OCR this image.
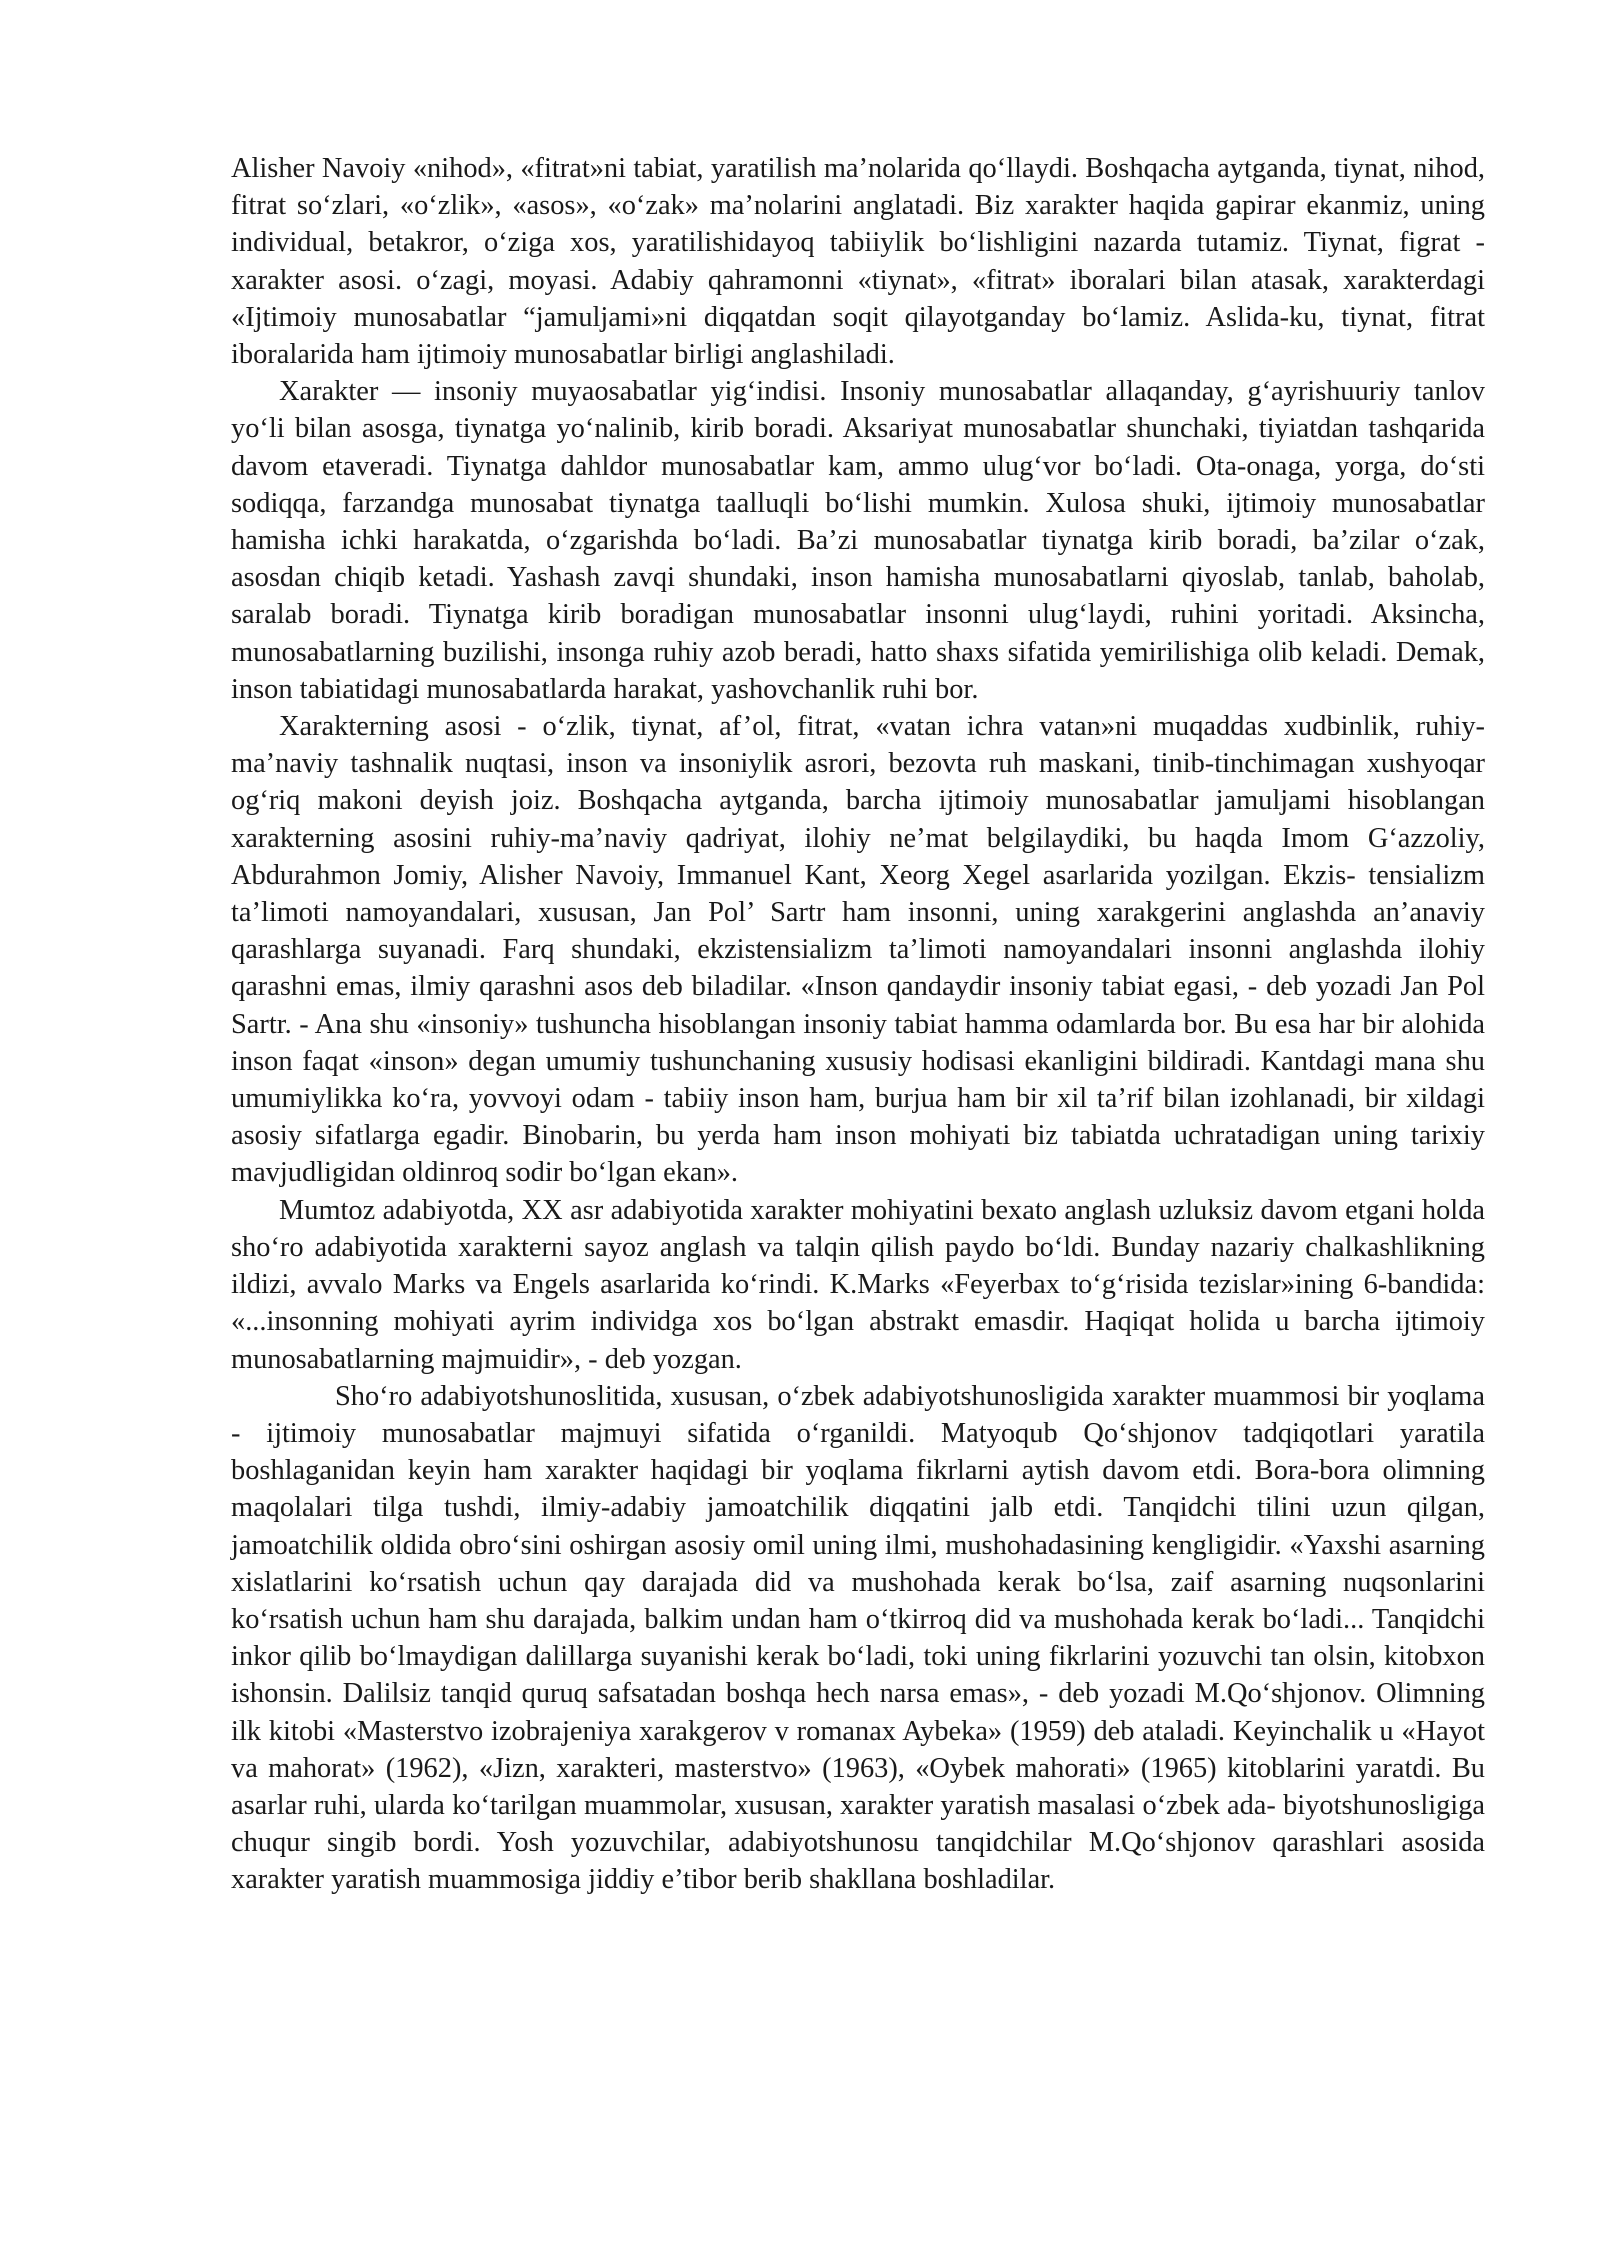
Alisher Navoiy «nihod», «fitrat»ni tabiat, yaratilish ma’nolarida qo‘llaydi. Boshqacha aytganda, tiynat, nihod, fitrat so‘zlari, «o‘zlik», «asos», «o‘zak» ma’nolarini anglatadi. Biz xarakter haqida gapirar ekanmiz, uning individual, betakror, o‘ziga xos, yaratilishidayoq tabiiylik bo‘lishligini nazarda tutamiz. Tiynat, figrat - xarakter asosi. o‘zagi, moyasi. Adabiy qahramonni «tiynat», «fitrat» iboralari bilan atasak, xarakterdagi «Ijtimoiy munosabatlar “jamuljami»ni diqqatdan soqit qilayotganday bo‘lamiz. Aslida-ku, tiynat, fitrat iboralarida ham ijtimoiy munosabatlar birligi anglashiladi.

Xarakter — insoniy muyaosabatlar yig‘indisi. Insoniy munosabatlar allaqanday, g‘ayrishuuriy tanlov yo‘li bilan asosga, tiynatga yo‘nalinib, kirib boradi. Aksariyat munosabatlar shunchaki, tiyiatdan tashqarida davom etaveradi. Tiynatga dahldor munosabatlar kam, ammo ulug‘vor bo‘ladi. Ota-onaga, yorga, do‘sti sodiqqa, farzandga munosabat tiynatga taalluqli bo‘lishi mumkin. Xulosa shuki, ijtimoiy munosabatlar hamisha ichki harakatda, o‘zgarishda bo‘ladi. Ba’zi munosabatlar tiynatga kirib boradi, ba’zilar o‘zak, asosdan chiqib ketadi. Yashash zavqi shundaki, inson hamisha munosabatlarni qiyoslab, tanlab, baholab, saralab boradi. Tiynatga kirib boradigan munosabatlar insonni ulug‘laydi, ruhini yoritadi. Aksincha, munosabatlarning buzilishi, insonga ruhiy azob beradi, hatto shaxs sifatida yemirilishiga olib keladi. Demak, inson tabiatidagi munosabatlarda harakat, yashovchanlik ruhi bor.

Xarakterning asosi - o‘zlik, tiynat, af’ol, fitrat, «vatan ichra vatan»ni muqaddas xudbinlik, ruhiy-ma’naviy tashnalik nuqtasi, inson va insoniylik asrori, bezovta ruh maskani, tinib-tinchimagan xushyoqar og‘riq makoni deyish joiz. Boshqacha aytganda, barcha ijtimoiy munosabatlar jamuljami hisoblangan xarakterning asosini ruhiy-ma’naviy qadriyat, ilohiy ne’mat belgilaydiki, bu haqda Imom G‘azzoliy, Abdurahmon Jomiy, Alisher Navoiy, Immanuel Kant, Xeorg Xegel asarlarida yozilgan. Ekzis- tensializm ta’limoti namoyandalari, xususan, Jan Pol’ Sartr ham insonni, uning xarakgerini anglashda an’anaviy qarashlarga suyanadi. Farq shundaki, ekzistensializm ta’limoti namoyandalari insonni anglashda ilohiy qarashni emas, ilmiy qarashni asos deb biladilar. «Inson qandaydir insoniy tabiat egasi, - deb yozadi Jan Pol Sartr. - Ana shu «insoniy» tushuncha hisoblangan insoniy tabiat hamma odamlarda bor. Bu esa har bir alohida inson faqat «inson» degan umumiy tushunchaning xususiy hodisasi ekanligini bildiradi. Kantdagi mana shu umumiylikka ko‘ra, yovvoyi odam - tabiiy inson ham, burjua ham bir xil ta’rif bilan izohlanadi, bir xildagi asosiy sifatlarga egadir. Binobarin, bu yerda ham inson mohiyati biz tabiatda uchratadigan uning tarixiy mavjudligidan oldinroq sodir bo‘lgan ekan».

Mumtoz adabiyotda, XX asr adabiyotida xarakter mohiyatini bexato anglash uzluksiz davom etgani holda sho‘ro adabiyotida xarakterni sayoz anglash va talqin qilish paydo bo‘ldi. Bunday nazariy chalkashlikning ildizi, avvalo Marks va Engels asarlarida ko‘rindi. K.Marks «Feyerbax to‘g‘risida tezislar»ining 6-bandida: «...insonning mohiyati ayrim individga xos bo‘lgan abstrakt emasdir. Haqiqat holida u barcha ijtimoiy munosabatlarning majmuidir», - deb yozgan.

Sho‘ro adabiyotshunoslitida, xususan, o‘zbek adabiyotshunosligida xarakter muammosi bir yoqlama - ijtimoiy munosabatlar majmuyi sifatida o‘rganildi. Matyoqub Qo‘shjonov tadqiqotlari yaratila boshlaganidan keyin ham xarakter haqidagi bir yoqlama fikrlarni aytish davom etdi. Bora-bora olimning maqolalari tilga tushdi, ilmiy-adabiy jamoatchilik diqqatini jalb etdi. Tanqidchi tilini uzun qilgan, jamoatchilik oldida obro‘sini oshirgan asosiy omil uning ilmi, mushohadasining kengligidir. «Yaxshi asarning xislatlarini ko‘rsatish uchun qay darajada did va mushohada kerak bo‘lsa, zaif asarning nuqsonlarini ko‘rsatish uchun ham shu darajada, balkim undan ham o‘tkirroq did va mushohada kerak bo‘ladi... Tanqidchi inkor qilib bo‘lmaydigan dalillarga suyanishi kerak bo‘ladi, toki uning fikrlarini yozuvchi tan olsin, kitobxon ishonsin. Dalilsiz tanqid quruq safsatadan boshqa hech narsa emas», - deb yozadi M.Qo‘shjonov. Olimning ilk kitobi «Masterstvo izobrajeniya xarakgerov v romanax Aybeka» (1959) deb ataladi. Keyinchalik u «Hayot va mahorat» (1962), «Jizn, xarakteri, masterstvo» (1963), «Oybek mahorati» (1965) kitoblarini yaratdi. Bu asarlar ruhi, ularda ko‘tarilgan muammolar, xususan, xarakter yaratish masalasi o‘zbek ada- biyotshunosligiga chuqur singib bordi. Yosh yozuvchilar, adabiyotshunosu tanqidchilar M.Qo‘shjonov qarashlari asosida xarakter yaratish muammosiga jiddiy e’tibor berib shakllana boshladilar.
